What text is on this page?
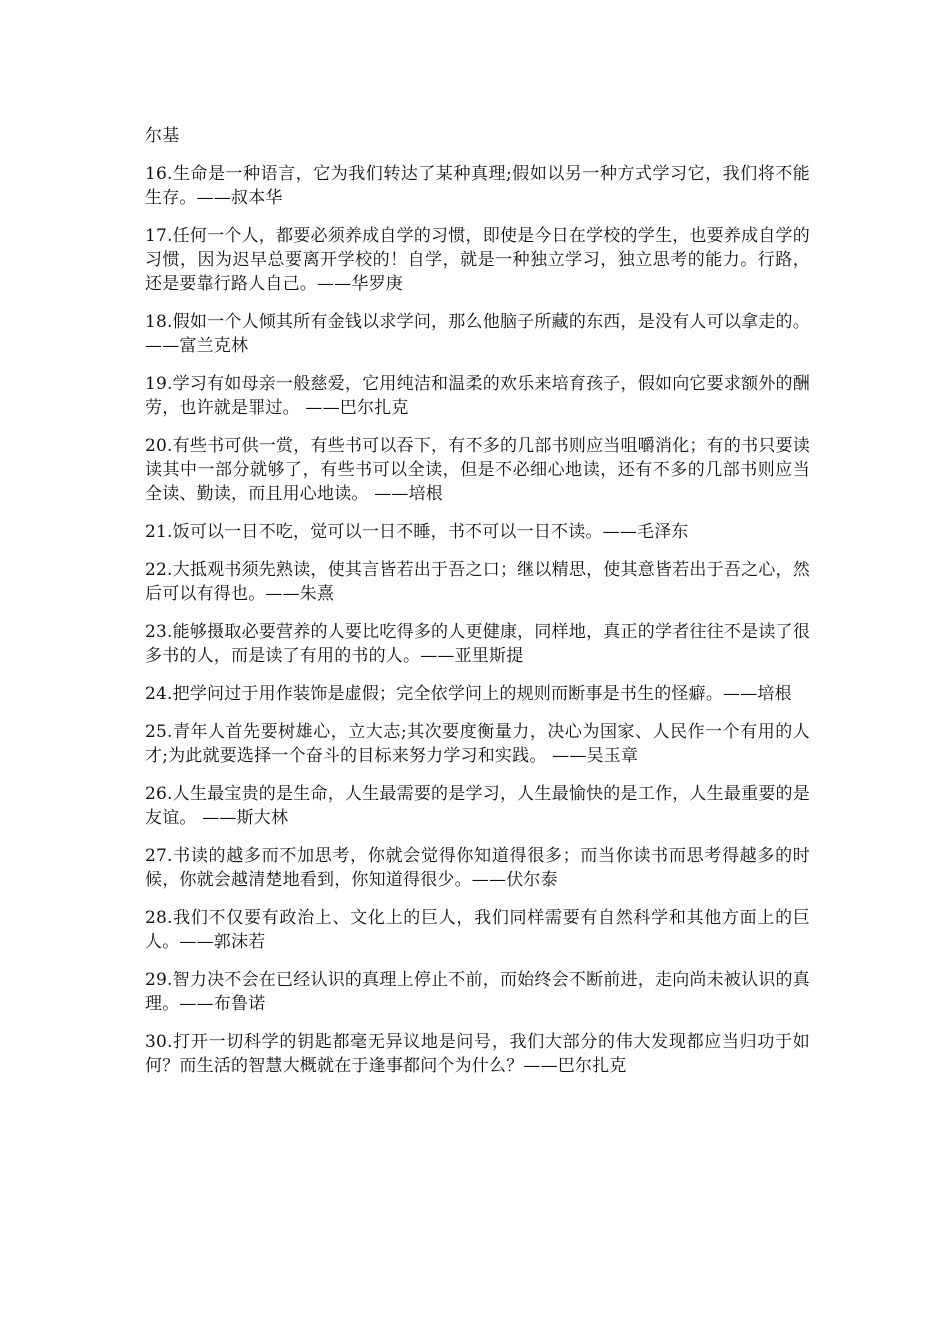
尔基

16.生命是一种语言，它为我们转达了某种真理;假如以另一种方式学习它，我们将不能生存。——叔本华

17.任何一个人，都要必须养成自学的习惯，即使是今日在学校的学生，也要养成自学的习惯，因为迟早总要离开学校的！自学，就是一种独立学习，独立思考的能力。行路，还是要靠行路人自己。——华罗庚

18.假如一个人倾其所有金钱以求学问，那么他脑子所藏的东西，是没有人可以拿走的。 ——富兰克林

19.学习有如母亲一般慈爱，它用纯洁和温柔的欢乐来培育孩子，假如向它要求额外的酬劳，也许就是罪过。 ——巴尔扎克

20.有些书可供一赏，有些书可以吞下，有不多的几部书则应当咀嚼消化；有的书只要读读其中一部分就够了，有些书可以全读，但是不必细心地读，还有不多的几部书则应当全读、勤读，而且用心地读。 ——培根

21.饭可以一日不吃，觉可以一日不睡，书不可以一日不读。——毛泽东

22.大抵观书须先熟读，使其言皆若出于吾之口；继以精思，使其意皆若出于吾之心，然后可以有得也。——朱熹

23.能够摄取必要营养的人要比吃得多的人更健康，同样地，真正的学者往往不是读了很多书的人，而是读了有用的书的人。——亚里斯提

24.把学问过于用作装饰是虚假；完全依学问上的规则而断事是书生的怪癖。——培根

25.青年人首先要树雄心，立大志;其次要度衡量力，决心为国家、人民作一个有用的人才;为此就要选择一个奋斗的目标来努力学习和实践。 ——吴玉章

26.人生最宝贵的是生命，人生最需要的是学习，人生最愉快的是工作，人生最重要的是友谊。 ——斯大林

27.书读的越多而不加思考，你就会觉得你知道得很多；而当你读书而思考得越多的时候，你就会越清楚地看到，你知道得很少。——伏尔泰

28.我们不仅要有政治上、文化上的巨人，我们同样需要有自然科学和其他方面上的巨人。——郭沫若

29.智力决不会在已经认识的真理上停止不前，而始终会不断前进，走向尚未被认识的真理。——布鲁诺

30.打开一切科学的钥匙都毫无异议地是问号，我们大部分的伟大发现都应当归功于如何？而生活的智慧大概就在于逢事都问个为什么？——巴尔扎克
